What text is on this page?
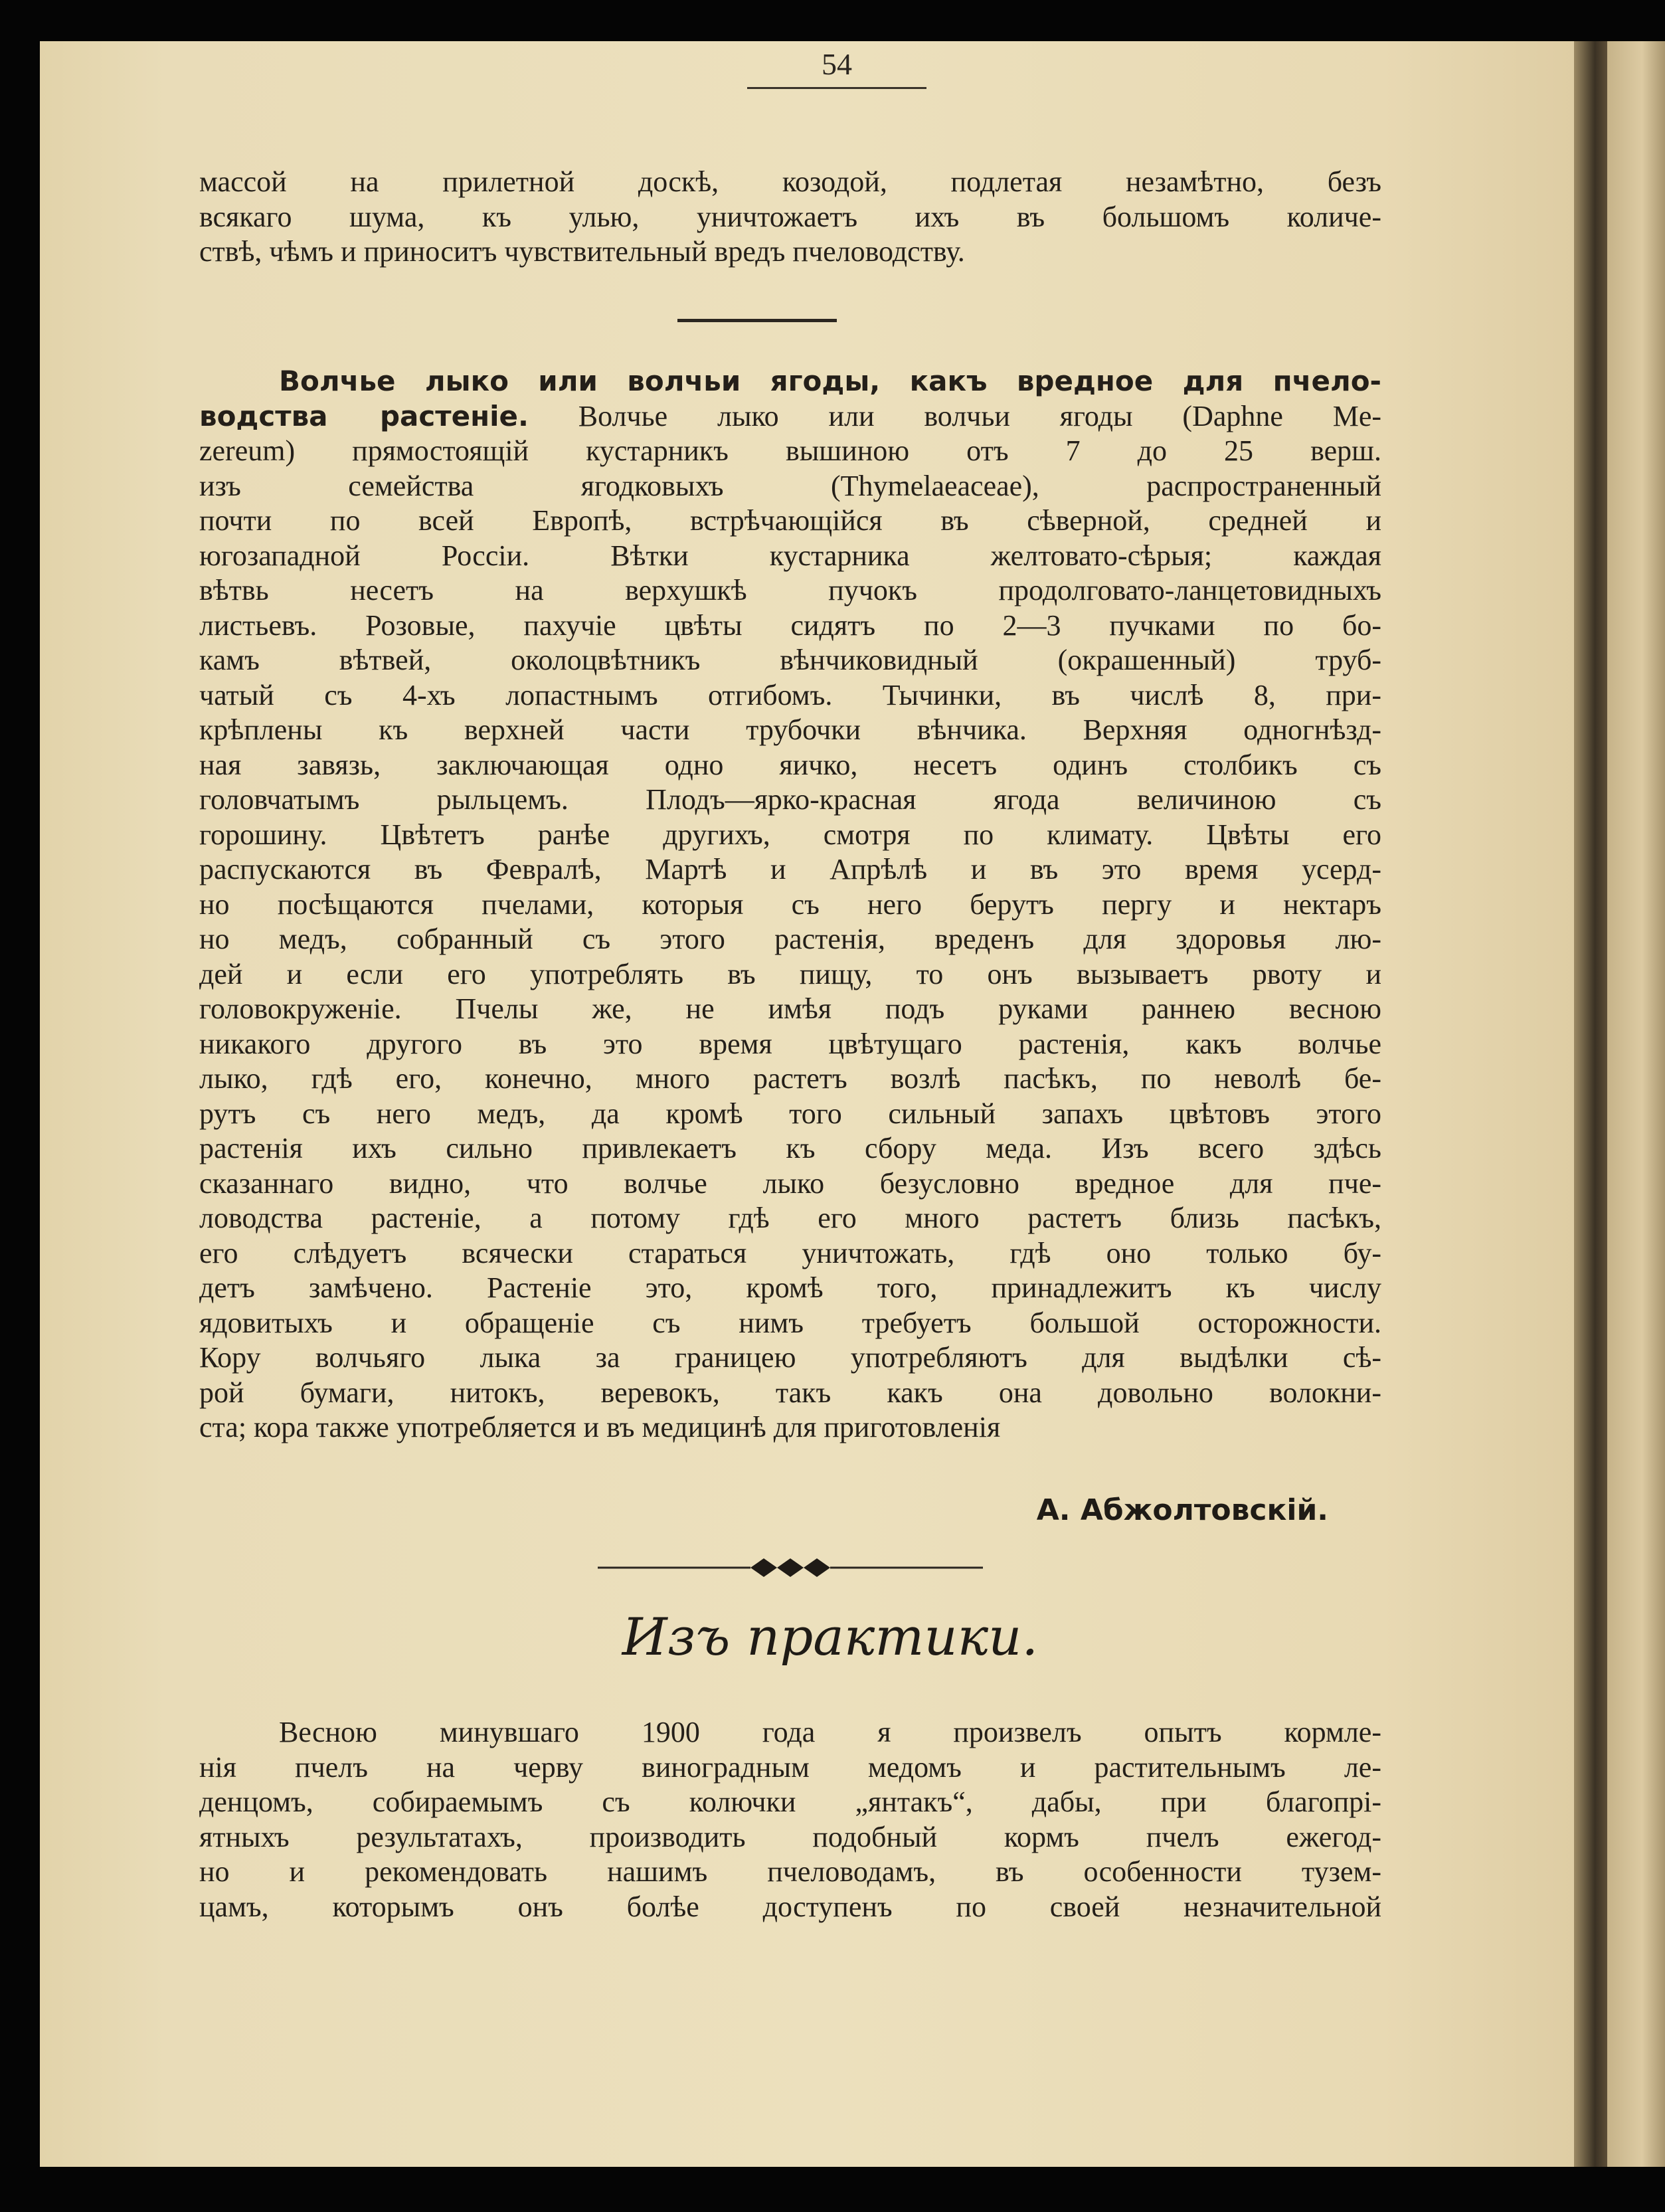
54
массой на прилетной доскѣ, козодой, подлетая незамѣтно, безъ
всякаго шума, къ улью, уничтожаетъ ихъ въ большомъ количе-
ствѣ, чѣмъ и приноситъ чувствительный вредъ пчеловодству.
Волчье лыко или волчьи ягоды, какъ вредное для пчело-
водства растеніе. Волчье лыко или волчьи ягоды (Daphne Me-
zereum) прямостоящій кустарникъ вышиною отъ 7 до 25 верш.
изъ семейства ягодковыхъ (Thymelaeaceae), распространенный
почти по всей Европѣ, встрѣчающійся въ сѣверной, средней и
югозападной Россіи. Вѣтки кустарника желтовато-сѣрыя; каждая
вѣтвь несетъ на верхушкѣ пучокъ продолговато-ланцетовидныхъ
листьевъ. Розовые, пахучіе цвѣты сидятъ по 2—3 пучками по бо-
камъ вѣтвей, околоцвѣтникъ вѣнчиковидный (окрашенный) труб-
чатый съ 4-хъ лопастнымъ отгибомъ. Тычинки, въ числѣ 8, при-
крѣплены къ верхней части трубочки вѣнчика. Верхняя одногнѣзд-
ная завязь, заключающая одно яичко, несетъ одинъ столбикъ съ
головчатымъ рыльцемъ. Плодъ—ярко-красная ягода величиною съ
горошину. Цвѣтетъ ранѣе другихъ, смотря по климату. Цвѣты его
распускаются въ Февралѣ, Мартѣ и Апрѣлѣ и въ это время усерд-
но посѣщаются пчелами, которыя съ него берутъ пергу и нектаръ
но медъ, собранный съ этого растенія, вреденъ для здоровья лю-
дей и если его употреблять въ пищу, то онъ вызываетъ рвоту и
головокруженіе. Пчелы же, не имѣя подъ руками раннею весною
никакого другого въ это время цвѣтущаго растенія, какъ волчье
лыко, гдѣ его, конечно, много растетъ возлѣ пасѣкъ, по неволѣ бе-
рутъ съ него медъ, да кромѣ того сильный запахъ цвѣтовъ этого
растенія ихъ сильно привлекаетъ къ сбору меда. Изъ всего здѣсь
сказаннаго видно, что волчье лыко безусловно вредное для пче-
ловодства растеніе, а потому гдѣ его много растетъ близь пасѣкъ,
его слѣдуетъ всячески стараться уничтожать, гдѣ оно только бу-
детъ замѣчено. Растеніе это, кромѣ того, принадлежитъ къ числу
ядовитыхъ и обращеніе съ нимъ требуетъ большой осторожности.
Кору волчьяго лыка за границею употребляютъ для выдѣлки сѣ-
рой бумаги, нитокъ, веревокъ, такъ какъ она довольно волокни-
ста; кора также употребляется и въ медицинѣ для приготовленія
А. Абжолтовскій.
Изъ практики.
Весною минувшаго 1900 года я произвелъ опытъ кормле-
нія пчелъ на черву виноградным медомъ и растительнымъ ле-
денцомъ, собираемымъ съ колючки „янтакъ“, дабы, при благопрі-
ятныхъ результатахъ, производить подобный кормъ пчелъ ежегод-
но и рекомендовать нашимъ пчеловодамъ, въ особенности тузем-
цамъ, которымъ онъ болѣе доступенъ по своей незначительной
